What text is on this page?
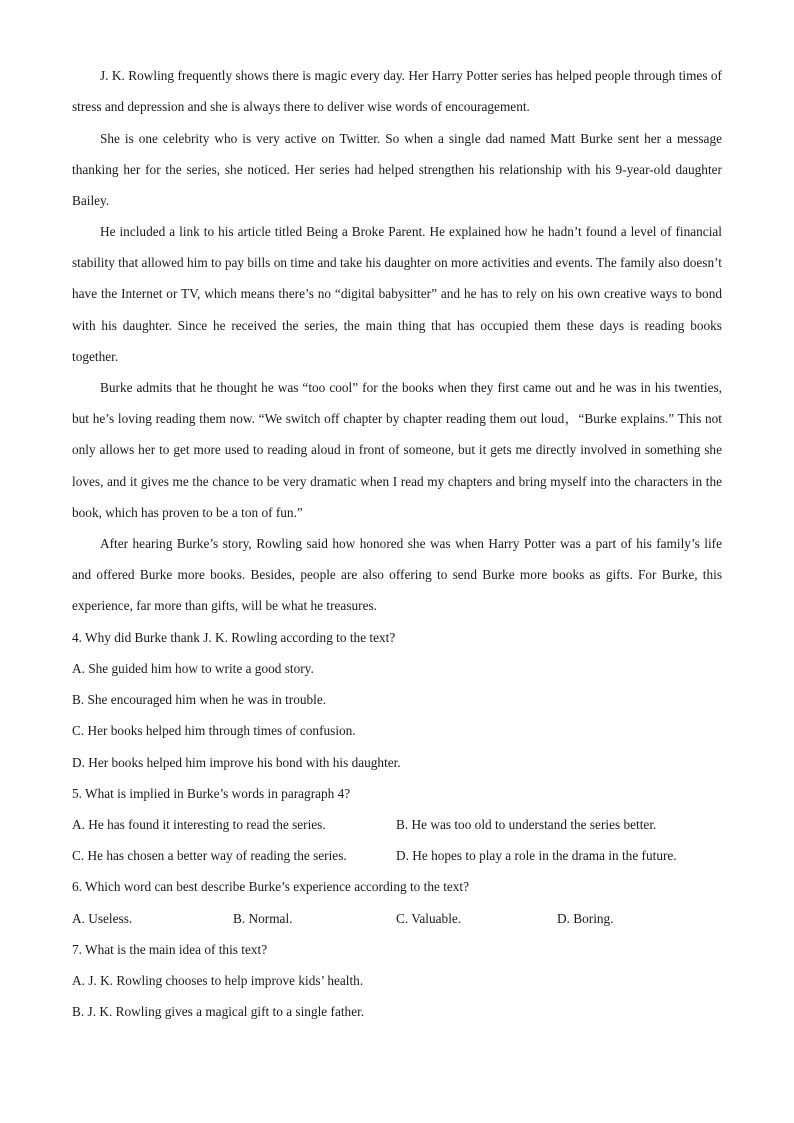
J. K. Rowling frequently shows there is magic every day. Her Harry Potter series has helped people through times of stress and depression and she is always there to deliver wise words of encouragement.

She is one celebrity who is very active on Twitter. So when a single dad named Matt Burke sent her a message thanking her for the series, she noticed. Her series had helped strengthen his relationship with his 9-year-old daughter Bailey.

He included a link to his article titled Being a Broke Parent. He explained how he hadn’t found a level of financial stability that allowed him to pay bills on time and take his daughter on more activities and events. The family also doesn’t have the Internet or TV, which means there’s no “digital babysitter” and he has to rely on his own creative ways to bond with his daughter. Since he received the series, the main thing that has occupied them these days is reading books together.

Burke admits that he thought he was “too cool” for the books when they first came out and he was in his twenties, but he’s loving reading them now. “We switch off chapter by chapter reading them out loud，“Burke explains.” This not only allows her to get more used to reading aloud in front of someone, but it gets me directly involved in something she loves, and it gives me the chance to be very dramatic when I read my chapters and bring myself into the characters in the book, which has proven to be a ton of fun.”

After hearing Burke’s story, Rowling said how honored she was when Harry Potter was a part of his family’s life and offered Burke more books. Besides, people are also offering to send Burke more books as gifts. For Burke, this experience, far more than gifts, will be what he treasures.

4. Why did Burke thank J. K. Rowling according to the text?

A. She guided him how to write a good story.

B. She encouraged him when he was in trouble.

C. Her books helped him through times of confusion.

D. Her books helped him improve his bond with his daughter.

5. What is implied in Burke’s words in paragraph 4?

A. He has found it interesting to read the series.	B. He was too old to understand the series better.

C. He has chosen a better way of reading the series.	D. He hopes to play a role in the drama in the future.

6. Which word can best describe Burke’s experience according to the text?

A. Useless.	B. Normal.	C. Valuable.	D. Boring.

7. What is the main idea of this text?

A. J. K. Rowling chooses to help improve kids’ health.

B. J. K. Rowling gives a magical gift to a single father.
